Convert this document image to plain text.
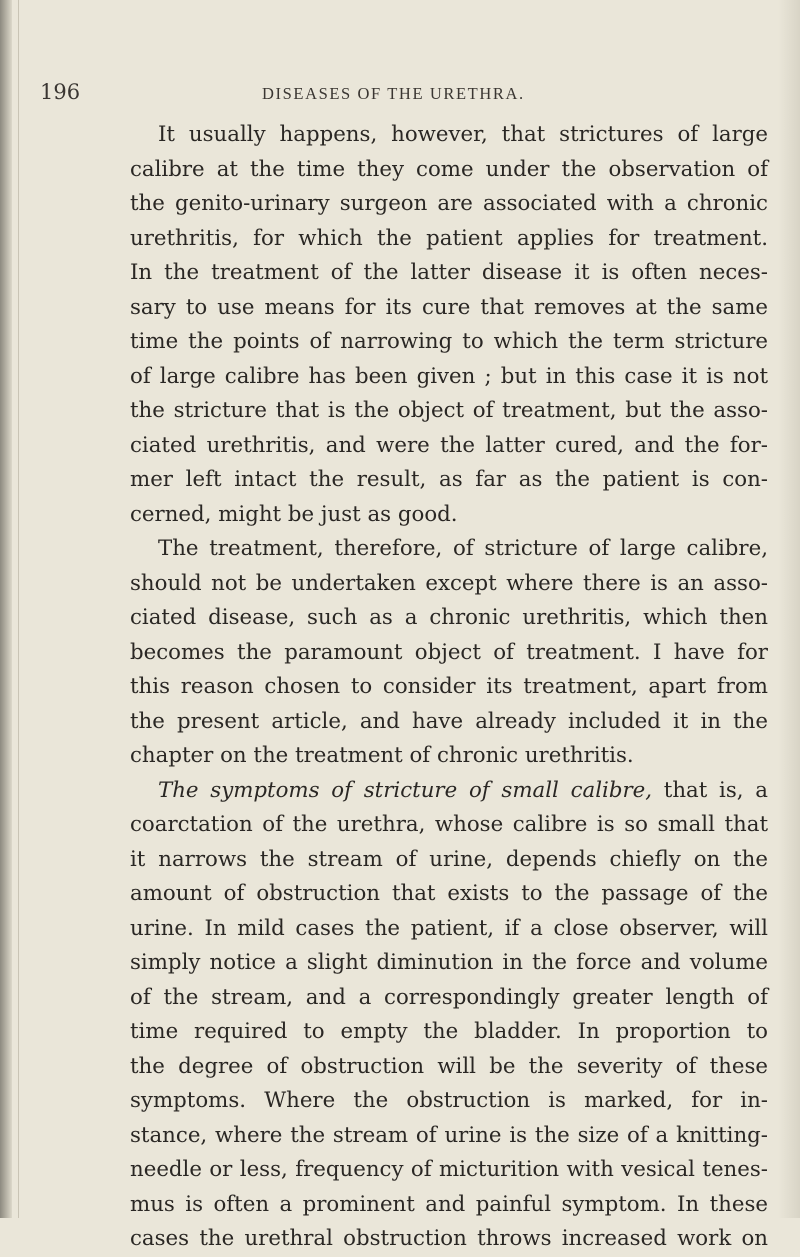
196	DISEASES OF THE URETHRA.
It usually happens, however, that strictures of large
calibre at the time they come under the observation of
the genito-urinary surgeon are associated with a chronic
urethritis, for which the patient applies for treatment.
In the treatment of the latter disease it is often neces-
sary to use means for its cure that removes at the same
time the points of narrowing to which the term stricture
of large calibre has been given ; but in this case it is not
the stricture that is the object of treatment, but the asso-
ciated urethritis, and were the latter cured, and the for-
mer left intact the result, as far as the patient is con-
cerned, might be just as good.
The treatment, therefore, of stricture of large calibre,
should not be undertaken except where there is an asso-
ciated disease, such as a chronic urethritis, which then
becomes the paramount object of treatment. I have for
this reason chosen to consider its treatment, apart from
the present article, and have already included it in the
chapter on the treatment of chronic urethritis.
The symptoms of stricture of small calibre, that is, a
coarctation of the urethra, whose calibre is so small that
it narrows the stream of urine, depends chiefly on the
amount of obstruction that exists to the passage of the
urine. In mild cases the patient, if a close observer, will
simply notice a slight diminution in the force and volume
of the stream, and a correspondingly greater length of
time required to empty the bladder. In proportion to
the degree of obstruction will be the severity of these
symptoms. Where the obstruction is marked, for in-
stance, where the stream of urine is the size of a knitting-
needle or less, frequency of micturition with vesical tenes-
mus is often a prominent and painful symptom. In these
cases the urethral obstruction throws increased work on
